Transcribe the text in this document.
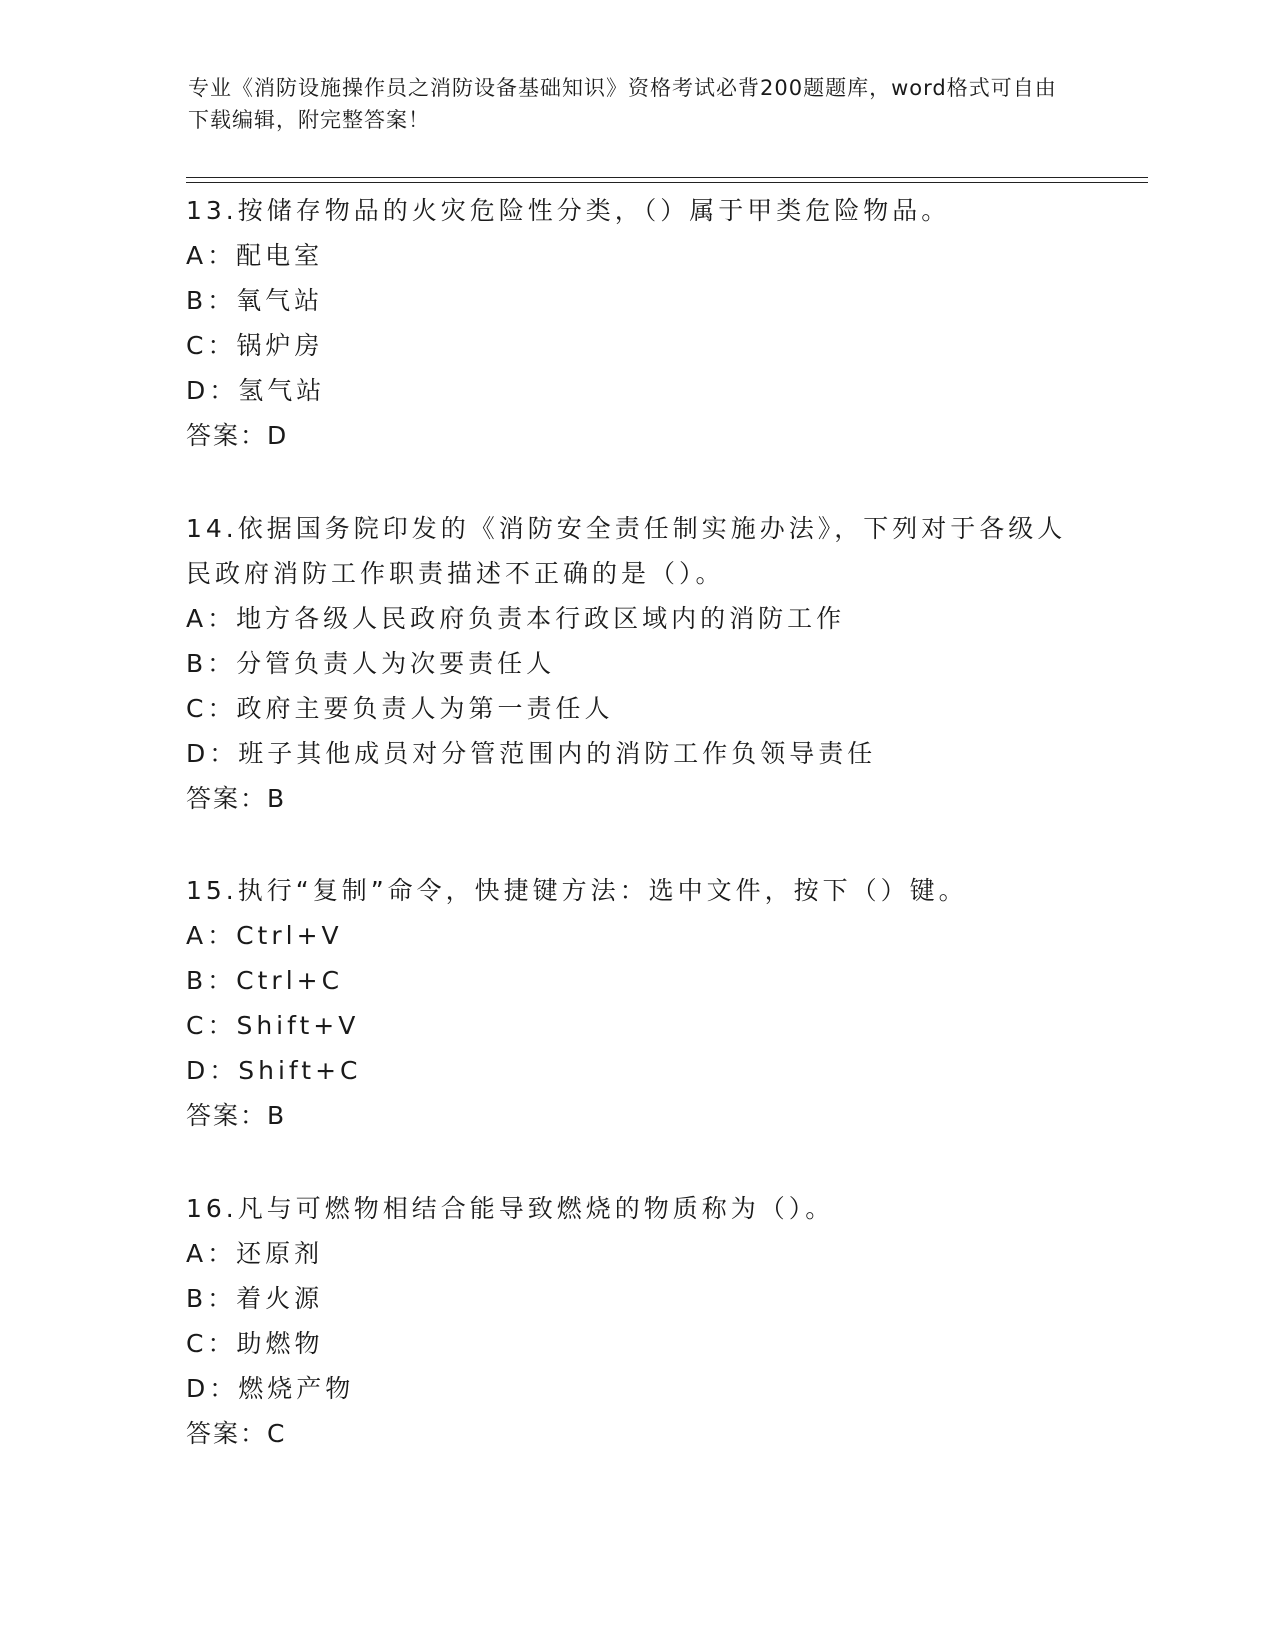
专业《消防设施操作员之消防设备基础知识》资格考试必背200题题库，word格式可自由下载编辑，附完整答案！

13.按储存物品的火灾危险性分类，（）属于甲类危险物品。

A：配电室

B：氧气站

C：锅炉房

D：氢气站

答案：D

14.依据国务院印发的《消防安全责任制实施办法》，下列对于各级人民政府消防工作职责描述不正确的是（）。

A：地方各级人民政府负责本行政区域内的消防工作

B：分管负责人为次要责任人

C：政府主要负责人为第一责任人

D：班子其他成员对分管范围内的消防工作负领导责任

答案：B

15.执行“复制”命令，快捷键方法：选中文件，按下（）键。

A：Ctrl+V

B：Ctrl+C

C：Shift+V

D：Shift+C

答案：B

16.凡与可燃物相结合能导致燃烧的物质称为（）。

A：还原剂

B：着火源

C：助燃物

D：燃烧产物

答案：C
